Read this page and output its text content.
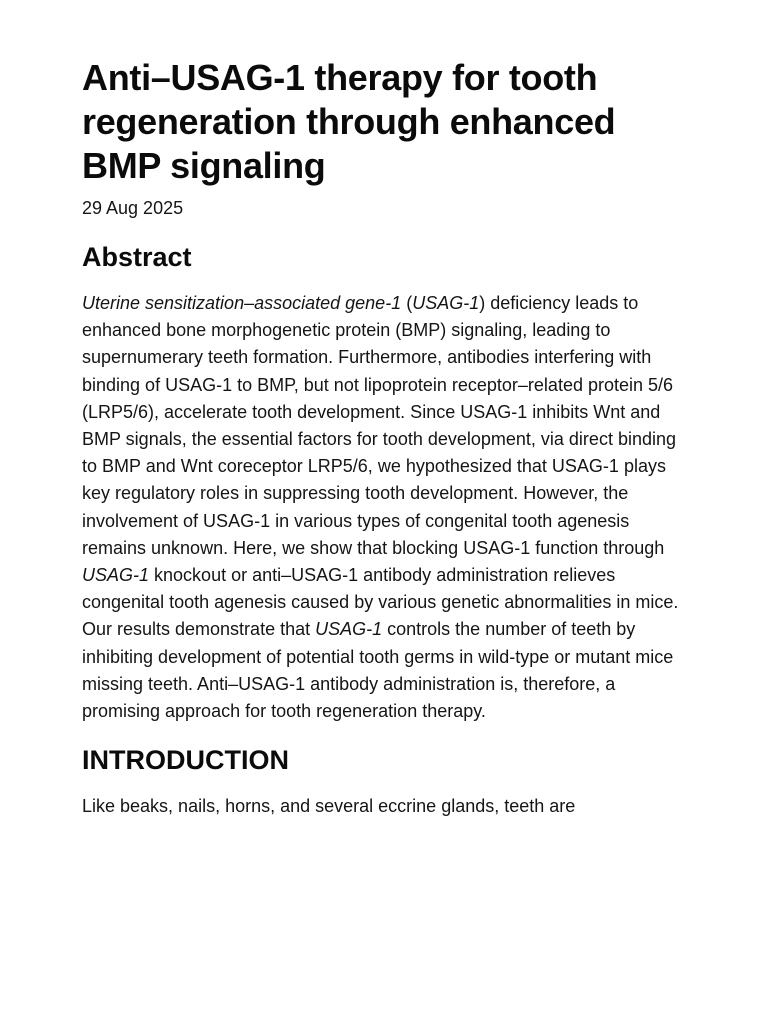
Anti–USAG-1 therapy for tooth regeneration through enhanced BMP signaling
29 Aug 2025
Abstract

Uterine sensitization–associated gene-1 (USAG-1) deficiency leads to enhanced bone morphogenetic protein (BMP) signaling, leading to supernumerary teeth formation. Furthermore, antibodies interfering with binding of USAG-1 to BMP, but not lipoprotein receptor–related protein 5/6 (LRP5/6), accelerate tooth development. Since USAG-1 inhibits Wnt and BMP signals, the essential factors for tooth development, via direct binding to BMP and Wnt coreceptor LRP5/6, we hypothesized that USAG-1 plays key regulatory roles in suppressing tooth development. However, the involvement of USAG-1 in various types of congenital tooth agenesis remains unknown. Here, we show that blocking USAG-1 function through USAG-1 knockout or anti–USAG-1 antibody administration relieves congenital tooth agenesis caused by various genetic abnormalities in mice. Our results demonstrate that USAG-1 controls the number of teeth by inhibiting development of potential tooth germs in wild-type or mutant mice missing teeth. Anti–USAG-1 antibody administration is, therefore, a promising approach for tooth regeneration therapy.

INTRODUCTION

Like beaks, nails, horns, and several eccrine glands, teeth are
